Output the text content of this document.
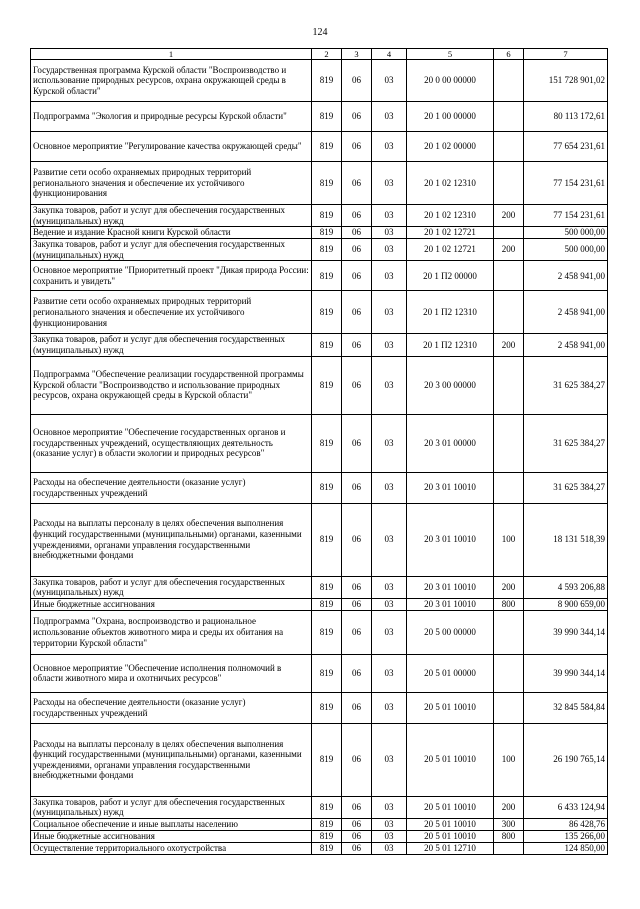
124
1	2	3	4	5	6	7
Государственная программа Курской области "Воспроизводство и использование природных ресурсов, охрана окружающей среды в Курской области"	819	06	03	20 0 00 00000		151 728 901,02
Подпрограмма "Экология и природные ресурсы Курской области"	819	06	03	20 1 00 00000		80 113 172,61
Основное мероприятие "Регулирование качества окружающей среды"	819	06	03	20 1 02 00000		77 654 231,61
Развитие сети особо охраняемых природных территорий регионального значения и обеспечение их устойчивого функционирования	819	06	03	20 1 02 12310		77 154 231,61
Закупка товаров, работ и услуг для обеспечения государственных (муниципальных) нужд	819	06	03	20 1 02 12310	200	77 154 231,61
Ведение и издание Красной книги Курской области	819	06	03	20 1 02 12721		500 000,00
Закупка товаров, работ и услуг для обеспечения государственных (муниципальных) нужд	819	06	03	20 1 02 12721	200	500 000,00
Основное мероприятие "Приоритетный проект "Дикая природа России: сохранить и увидеть"	819	06	03	20 1 П2 00000		2 458 941,00
Развитие сети особо охраняемых природных территорий регионального значения и обеспечение их устойчивого функционирования	819	06	03	20 1 П2 12310		2 458 941,00
Закупка товаров, работ и услуг для обеспечения государственных (муниципальных) нужд	819	06	03	20 1 П2 12310	200	2 458 941,00
Подпрограмма "Обеспечение реализации государственной программы Курской области "Воспроизводство и использование природных ресурсов, охрана окружающей среды в Курской области"	819	06	03	20 3 00 00000		31 625 384,27
Основное мероприятие "Обеспечение государственных органов и государственных учреждений, осуществляющих деятельность (оказание услуг) в области экологии и природных ресурсов"	819	06	03	20 3 01 00000		31 625 384,27
Расходы на обеспечение деятельности (оказание услуг) государственных учреждений	819	06	03	20 3 01 10010		31 625 384,27
Расходы на выплаты персоналу в целях обеспечения выполнения функций государственными (муниципальными) органами, казенными учреждениями, органами управления государственными внебюджетными фондами	819	06	03	20 3 01 10010	100	18 131 518,39
Закупка товаров, работ и услуг для обеспечения государственных (муниципальных) нужд	819	06	03	20 3 01 10010	200	4 593 206,88
Иные бюджетные ассигнования	819	06	03	20 3 01 10010	800	8 900 659,00
Подпрограмма "Охрана, воспроизводство и рациональное использование объектов животного мира и среды их обитания на территории Курской области"	819	06	03	20 5 00 00000		39 990 344,14
Основное мероприятие "Обеспечение исполнения полномочий в области животного мира и охотничьих ресурсов"	819	06	03	20 5 01 00000		39 990 344,14
Расходы на обеспечение деятельности (оказание услуг) государственных учреждений	819	06	03	20 5 01 10010		32 845 584,84
Расходы на выплаты персоналу в целях обеспечения выполнения функций государственными (муниципальными) органами, казенными учреждениями, органами управления государственными внебюджетными фондами	819	06	03	20 5 01 10010	100	26 190 765,14
Закупка товаров, работ и услуг для обеспечения государственных (муниципальных) нужд	819	06	03	20 5 01 10010	200	6 433 124,94
Социальное обеспечение и иные выплаты населению	819	06	03	20 5 01 10010	300	86 428,76
Иные бюджетные ассигнования	819	06	03	20 5 01 10010	800	135 266,00
Осуществление территориального охотустройства	819	06	03	20 5 01 12710		124 850,00
